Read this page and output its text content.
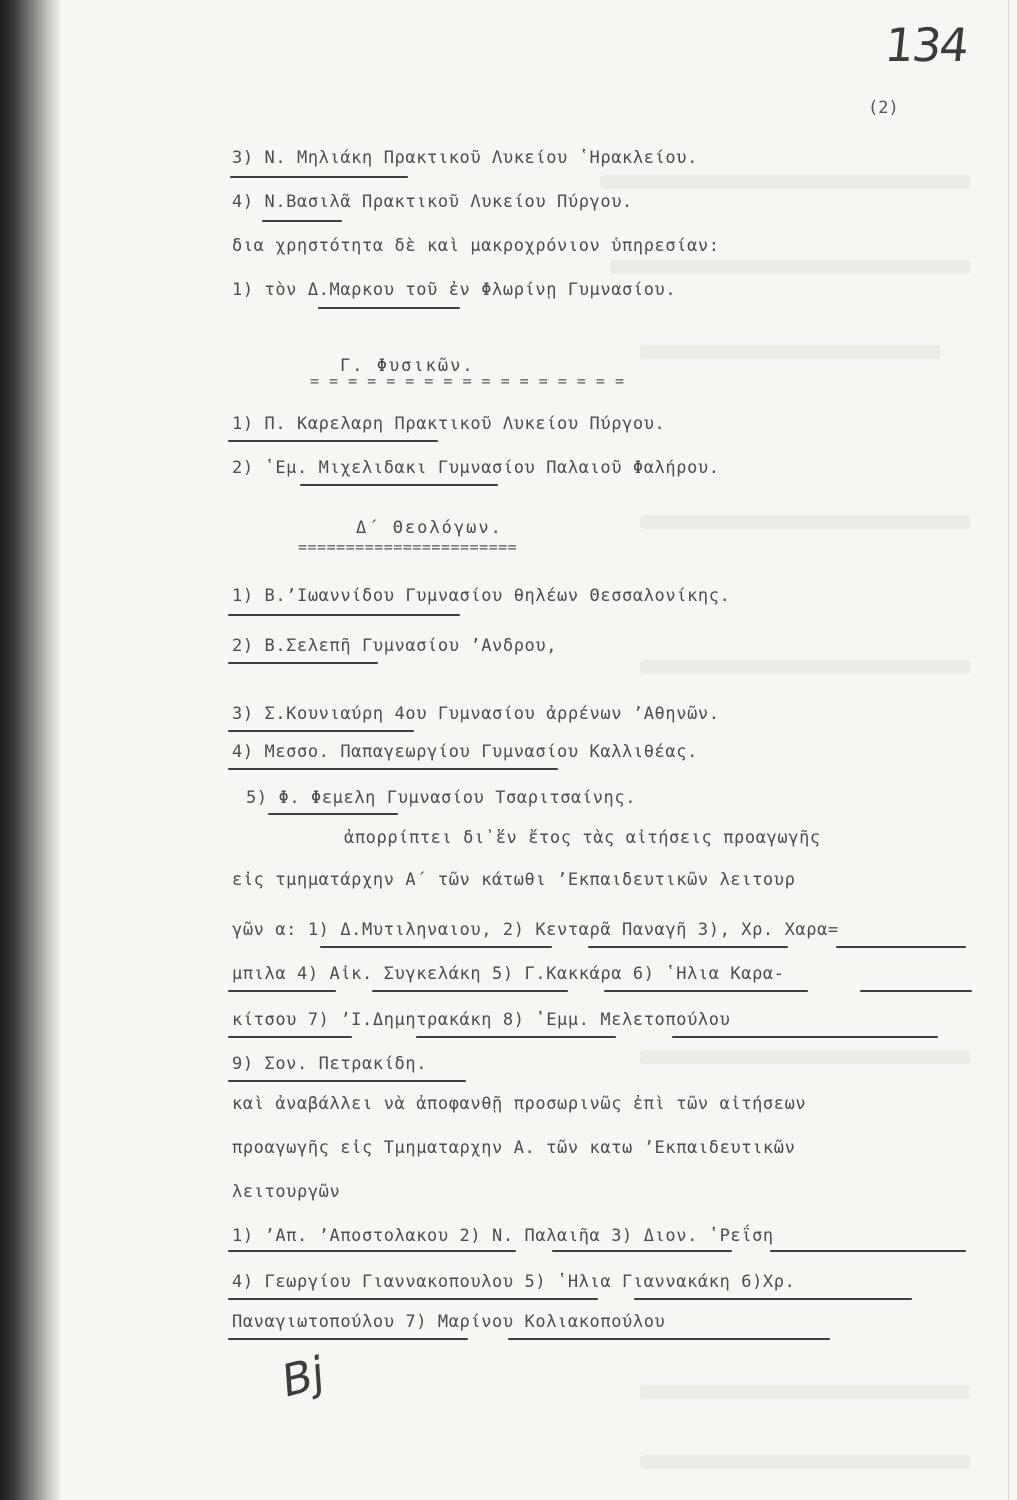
134
(2)
3) Ν. Μηλιάκη Πρακτικοῦ Λυκείου ʽΗρακλείου.
4) Ν.Βασιλᾶ Πρακτικοῦ Λυκείου Πύργου.
δια χρηστότητα δὲ καὶ μακροχρόνιον ὑπηρεσίαν:
1) τὸν Δ.Μαρκου τοῦ ἐν Φλωρίνῃ Γυμνασίου.
Γ. Φυσικῶν.
= = = = = = = = = = = = = = = = =
1) Π. Καρελαρη Πρακτικοῦ Λυκείου Πύργου.
2) ʽΕμ. Μιχελιδακι Γυμνασίου Παλαιοῦ Φαλήρου.
Δ΄ Θεολόγων.
=======================
1) Β.ʼΙωαννίδου Γυμνασίου θηλέων Θεσσαλονίκης.
2) Β.Σελεπῆ Γυμνασίου ʼΑνδρου,
3) Σ.Κουνιαύρη 4ου Γυμνασίου ἀρρένων ʼΑθηνῶν.
4) Μεσσο. Παπαγεωργίου Γυμνασίου Καλλιθέας.
5) Φ. Φεμελη Γυμνασίου Τσαριτσαίνης.
ἀπορρίπτει δι᾽ἕν ἔτος τὰς αἰτήσεις προαγωγῆς
εἰς τμηματάρχην Α΄ τῶν κάτωθι ʼΕκπαιδευτικῶν λειτουρ
γῶν α: 1) Δ.Μυτιληναιου, 2) Κενταρᾶ Παναγῆ 3), Χρ. Χαρα=
μπιλα 4) Αἰκ. Συγκελάκη 5) Γ.Κακκάρα 6) ʽΗλια Καρα-
κίτσου 7) ʼΙ.Δημητρακάκη 8) ʽΕμμ. Μελετοπούλου
9) Σον. Πετρακίδη.
καὶ ἀναβάλλει νὰ ἀποφανθῇ προσωρινῶς ἐπὶ τῶν αἰτήσεων
προαγωγῆς εἰς Τμηματαρχην Α. τῶν κατω ʼΕκπαιδευτικῶν
λειτουργῶν
1) ʼΑπ. ʼΑποστολακου 2) Ν. Παλαιῆα 3) Διον. ʽΡεΐση
4) Γεωργίου Γιαννακοπουλου 5) ʽΗλια Γιαννακάκη 6)Χρ.
Παναγιωτοπούλου 7) Μαρίνου Κολιακοπούλου
Bj
